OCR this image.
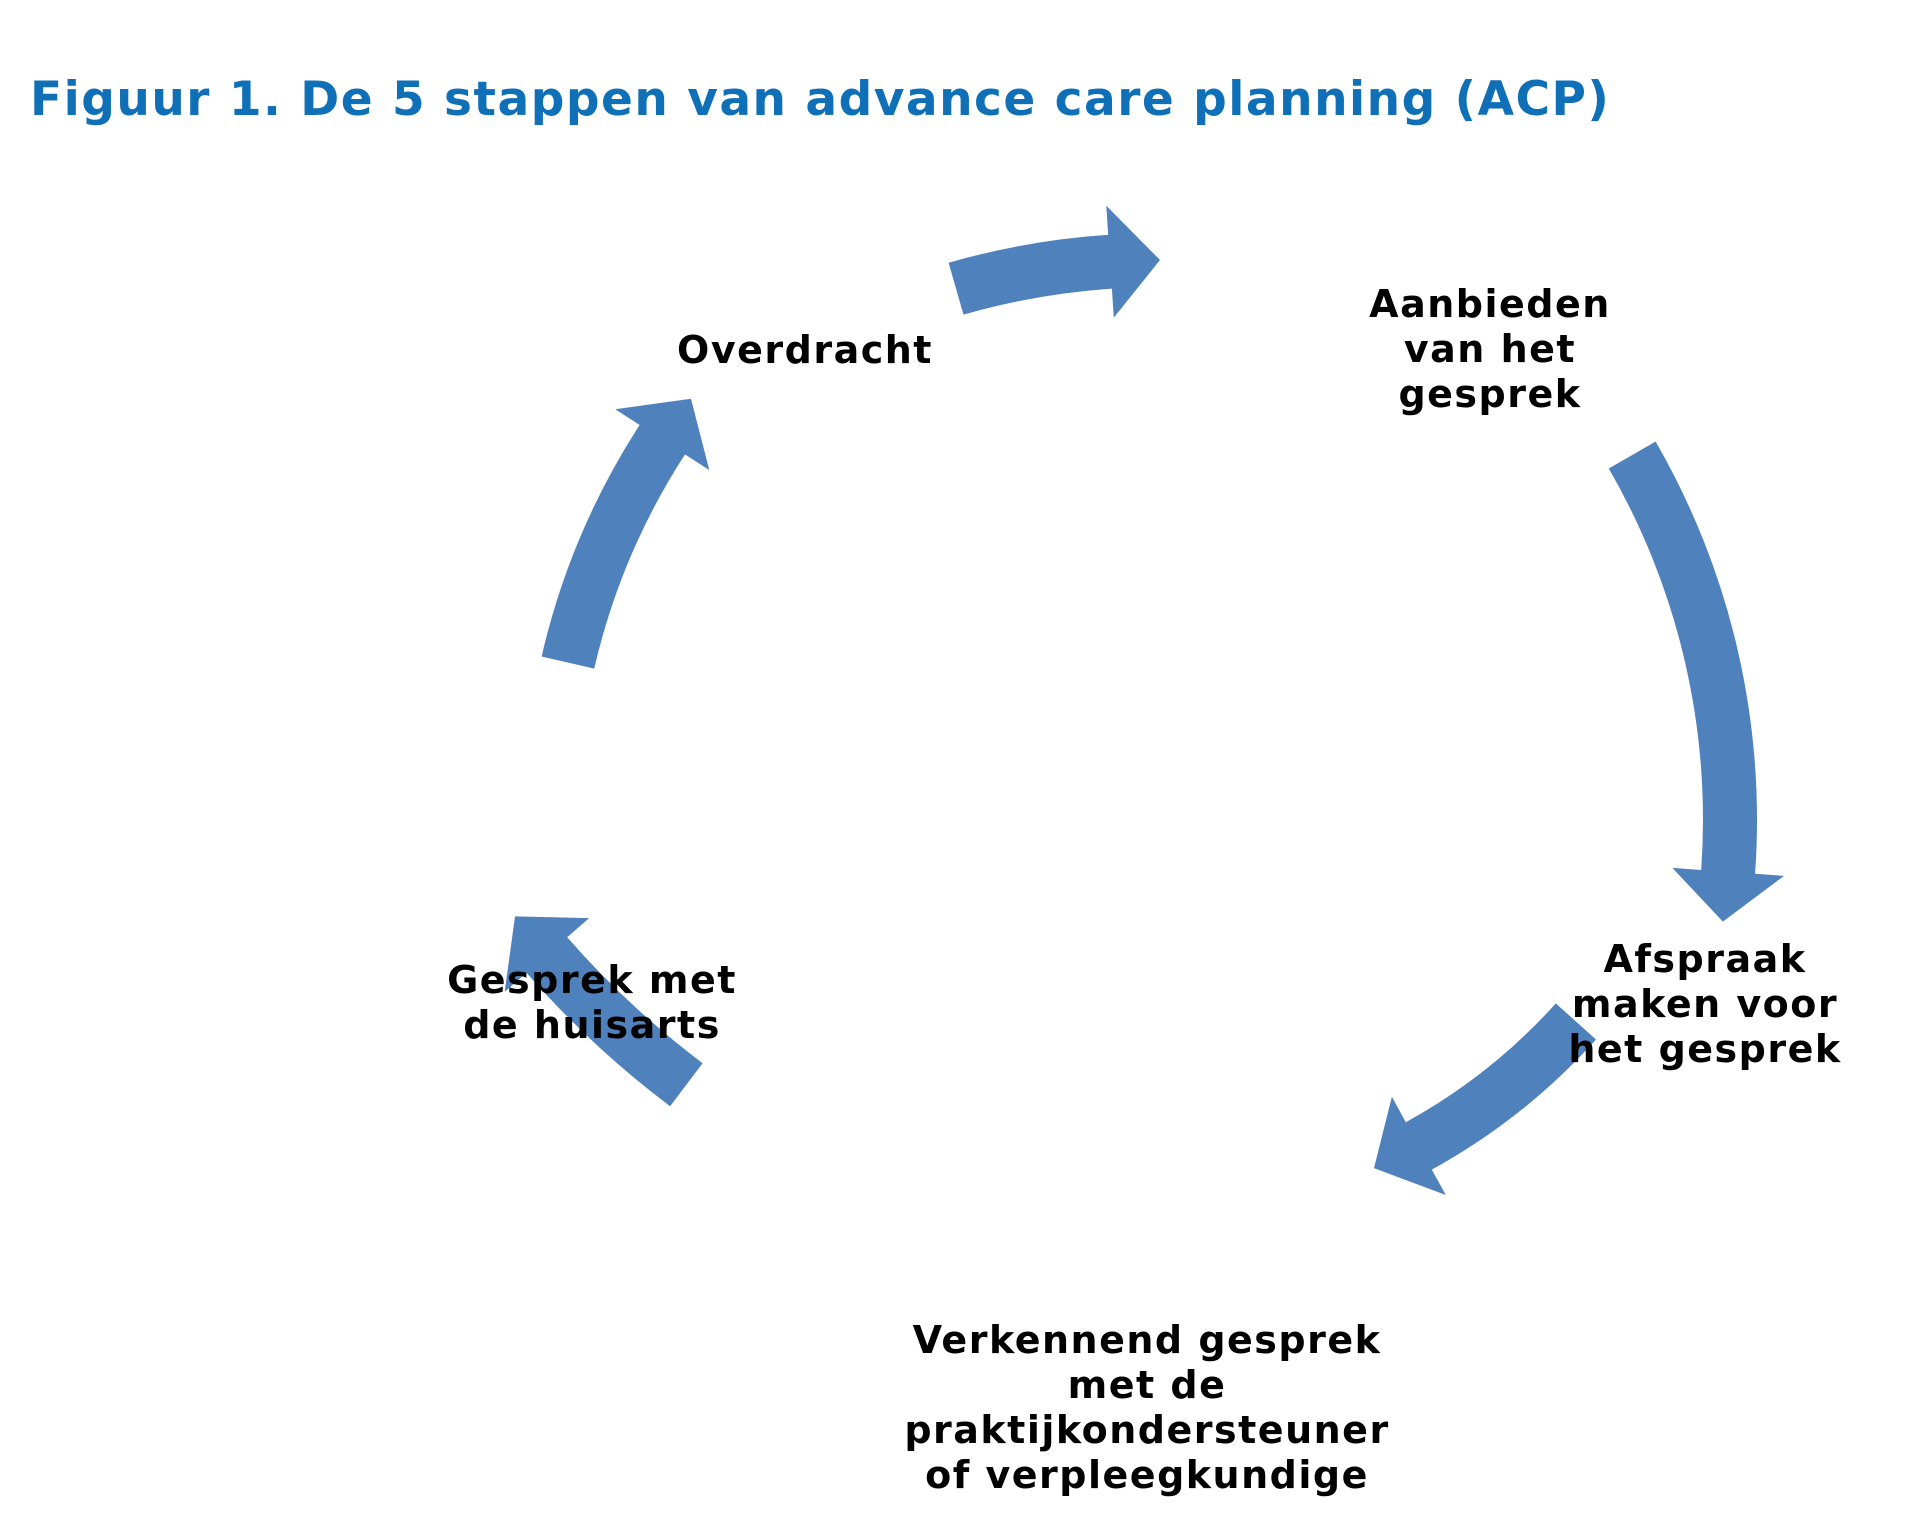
Figuur 1. De 5 stappen van advance care planning (ACP)
Overdracht
Aanbieden
van het
gesprek
Afspraak
maken voor
het gesprek
Verkennend gesprek
met de
praktijkondersteuner
of verpleegkundige
Gesprek met
de huisarts
